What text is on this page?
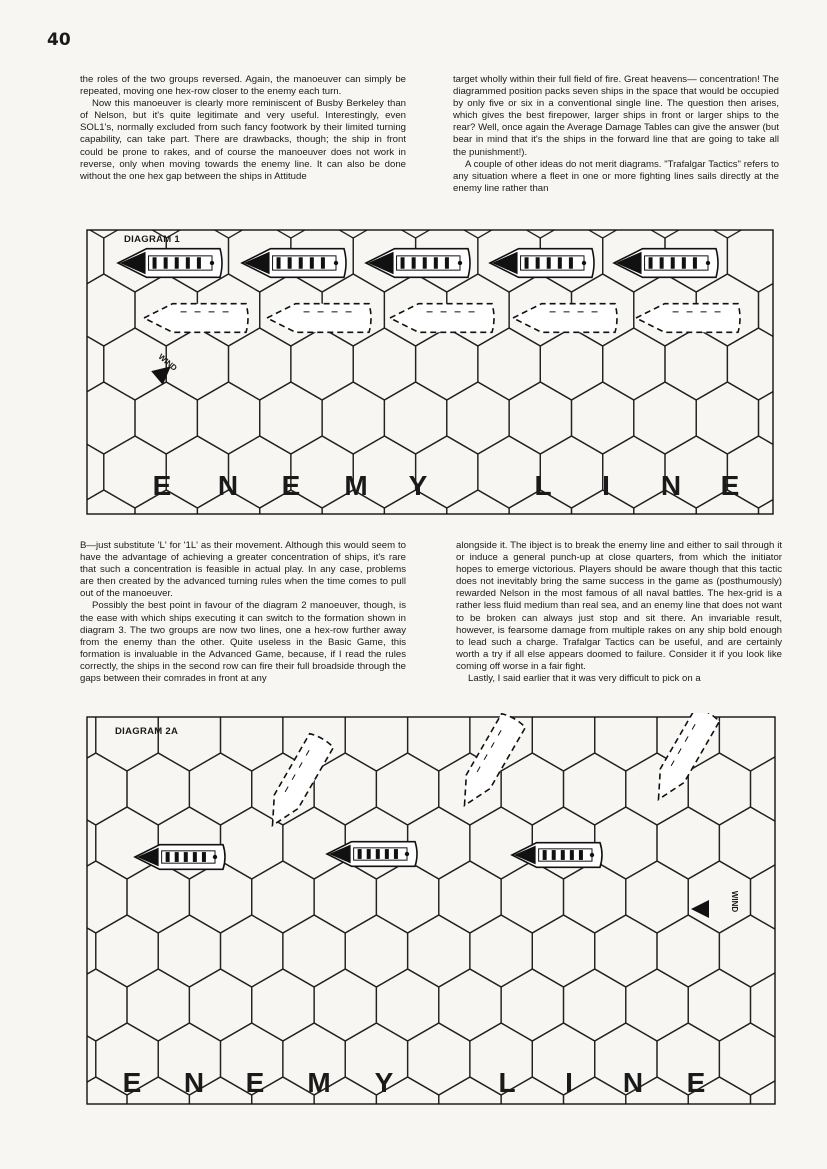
40

the roles of the two groups reversed. Again, the manoeuver can simply be repeated, moving one hex-row closer to the enemy each turn.

Now this manoeuver is clearly more reminiscent of Busby Berkeley than of Nelson, but it's quite legitimate and very useful. Interestingly, even SOL1's, normally excluded from such fancy footwork by their limited turning capability, can take part. There are drawbacks, though; the ship in front could be prone to rakes, and of course the manoeuver does not work in reverse, only when moving towards the enemy line. It can also be done without the one hex gap between the ships in Attitude

target wholly within their full field of fire. Great heavens— concentration! The diagrammed position packs seven ships in the space that would be occupied by only five or six in a conventional single line. The question then arises, which gives the best firepower, larger ships in front or larger ships to the rear? Well, once again the Average Damage Tables can give the answer (but bear in mind that it's the ships in the forward line that are going to take all the punishment!).

A couple of other ideas do not merit diagrams. "Trafalgar Tactics" refers to any situation where a fleet in one or more fighting lines sails directly at the enemy line rather than

DIAGRAM 1
WIND
E	N	E	M	Y	L	I	N	E

B—just substitute 'L' for '1L' as their movement. Although this would seem to have the advantage of achieving a greater concentration of ships, it's rare that such a concentration is feasible in actual play. In any case, problems are then created by the advanced turning rules when the time comes to pull out of the manoeuver.

Possibly the best point in favour of the diagram 2 manoeuver, though, is the ease with which ships executing it can switch to the formation shown in diagram 3. The two groups are now two lines, one a hex-row further away from the enemy than the other. Quite useless in the Basic Game, this formation is invaluable in the Advanced Game, because, if I read the rules correctly, the ships in the second row can fire their full broadside through the gaps between their comrades in front at any

alongside it. The ibject is to break the enemy line and either to sail through it or induce a general punch-up at close quarters, from which the initiator hopes to emerge victorious. Players should be aware though that this tactic does not inevitably bring the same success in the game as (posthumously) rewarded Nelson in the most famous of all naval battles. The hex-grid is a rather less fluid medium than real sea, and an enemy line that does not want to be broken can always just stop and sit there. An invariable result, however, is fearsome damage from multiple rakes on any ship bold enough to lead such a charge. Trafalgar Tactics can be useful, and are certainly worth a try if all else appears doomed to failure. Consider it if you look like coming off worse in a fair fight.

Lastly, I said earlier that it was very difficult to pick on a

DIAGRAM 2A
WIND
E	N	E	M	Y	L	I	N	E
